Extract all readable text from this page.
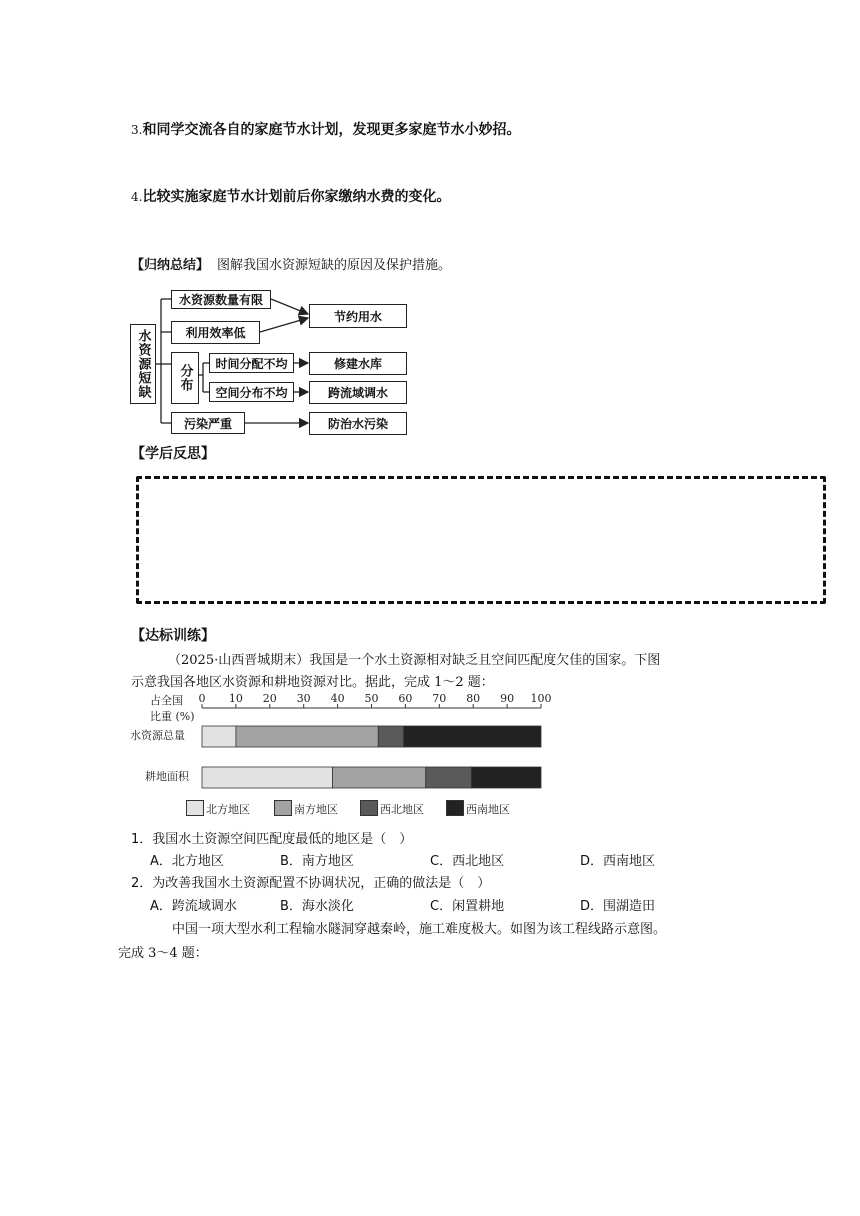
3.和同学交流各自的家庭节水计划，发现更多家庭节水小妙招。
4.比较实施家庭节水计划前后你家缴纳水费的变化。
【归纳总结】 图解我国水资源短缺的原因及保护措施。
水资源短缺
水资源数量有限
利用效率低
分布
时间分配不均
空间分布不均
污染严重
节约用水
修建水库
跨流域调水
防治水污染
【学后反思】
【达标训练】
（2025·山西晋城期末）我国是一个水土资源相对缺乏且空间匹配度欠佳的国家。下图
示意我国各地区水资源和耕地资源对比。据此，完成 1～2 题：
占全国
比重 (%)
水资源总量
耕地面积
0 10 20 30 40 50 60 70 80 90 100
1．我国水土资源空间匹配度最低的地区是（　）
A．北方地区	B．南方地区	C．西北地区	D．西南地区
2．为改善我国水土资源配置不协调状况，正确的做法是（　）
A．跨流域调水	B．海水淡化	C．闲置耕地	D．围湖造田
中国一项大型水利工程输水隧洞穿越秦岭，施工难度极大。如图为该工程线路示意图。
完成 3～4 题：
北方地区	南方地区	西北地区	西南地区
